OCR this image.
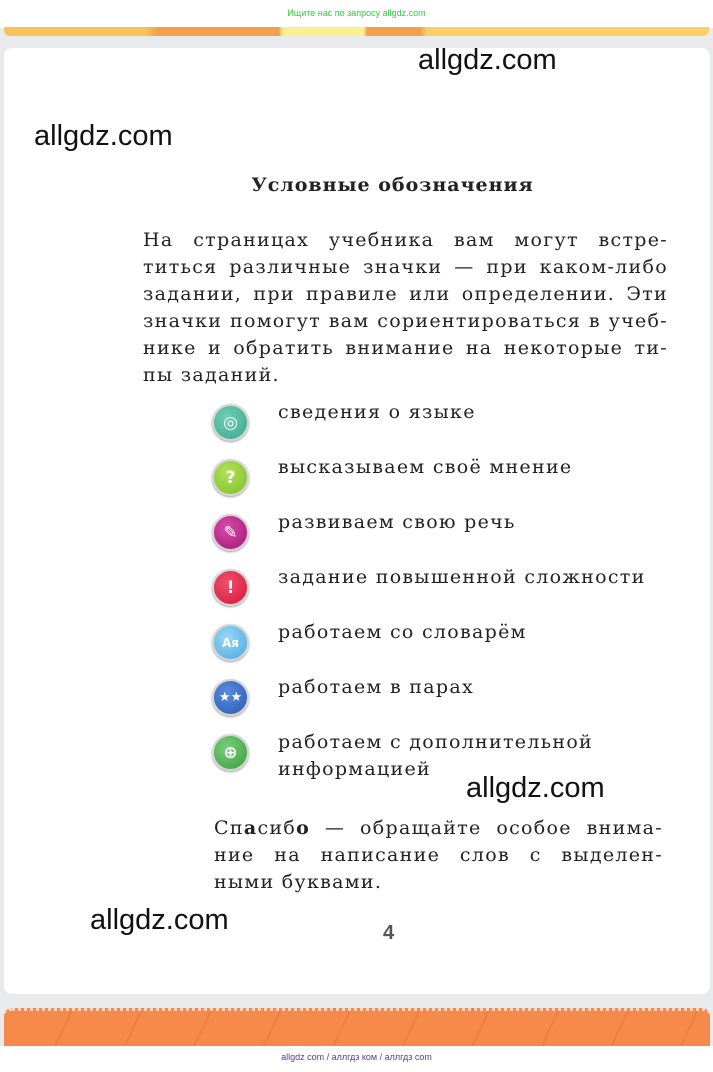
Ищите нас по запросу allgdz.com
allgdz.com
allgdz.com
allgdz.com
allgdz.com
Условные обозначения
На страницах учебника вам могут встре-
титься различные значки — при каком-либо
задании, при правиле или определении. Эти
значки помогут вам сориентироваться в учеб-
нике и обратить внимание на некоторые ти-
пы заданий.
◎	сведения о языке
?	высказываем своё мнение
✎	развиваем свою речь
!	задание повышенной сложности
Aя	работаем со словарём
★★	работаем в парах
⊕	работаем с дополнительной
информацией
Спасибо — обращайте особое внима-
ние на написание слов с выделен-
ными буквами.
4
allgdz com / аллгдз ком / аллгдз com
